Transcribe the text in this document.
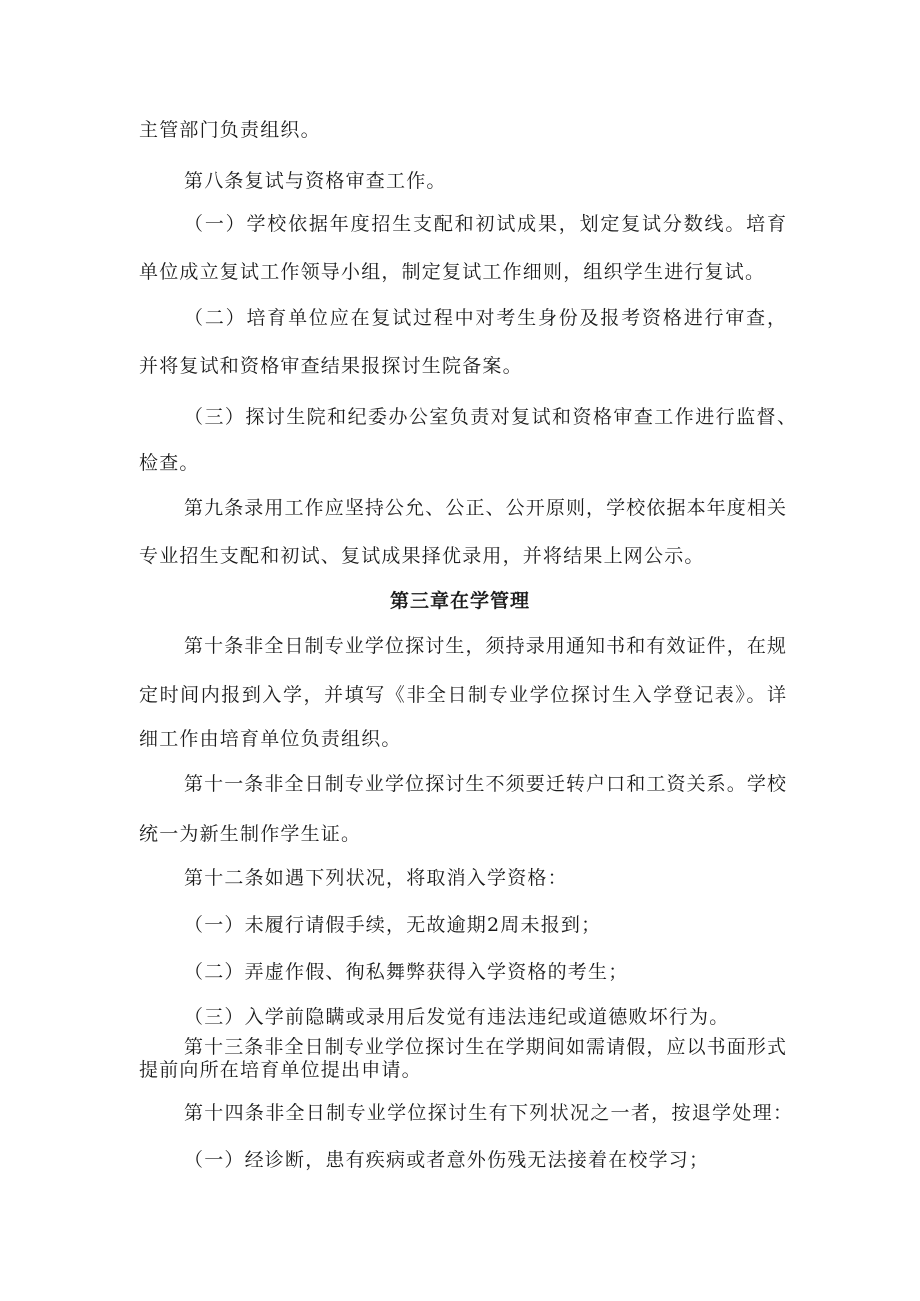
主管部门负责组织。
第八条复试与资格审查工作。
（一）学校依据年度招生支配和初试成果，划定复试分数线。培育
单位成立复试工作领导小组，制定复试工作细则，组织学生进行复试。
（二）培育单位应在复试过程中对考生身份及报考资格进行审查，
并将复试和资格审查结果报探讨生院备案。
（三）探讨生院和纪委办公室负责对复试和资格审查工作进行监督、
检查。
第九条录用工作应坚持公允、公正、公开原则，学校依据本年度相关
专业招生支配和初试、复试成果择优录用，并将结果上网公示。
第三章在学管理
第十条非全日制专业学位探讨生，须持录用通知书和有效证件，在规
定时间内报到入学，并填写《非全日制专业学位探讨生入学登记表》。详
细工作由培育单位负责组织。
第十一条非全日制专业学位探讨生不须要迁转户口和工资关系。学校
统一为新生制作学生证。
第十二条如遇下列状况，将取消入学资格：
（一）未履行请假手续，无故逾期2周未报到；
（二）弄虚作假、徇私舞弊获得入学资格的考生；
（三）入学前隐瞒或录用后发觉有违法违纪或道德败坏行为。
第十三条非全日制专业学位探讨生在学期间如需请假，应以书面形式
提前向所在培育单位提出申请。
第十四条非全日制专业学位探讨生有下列状况之一者，按退学处理：
（一）经诊断，患有疾病或者意外伤残无法接着在校学习；
